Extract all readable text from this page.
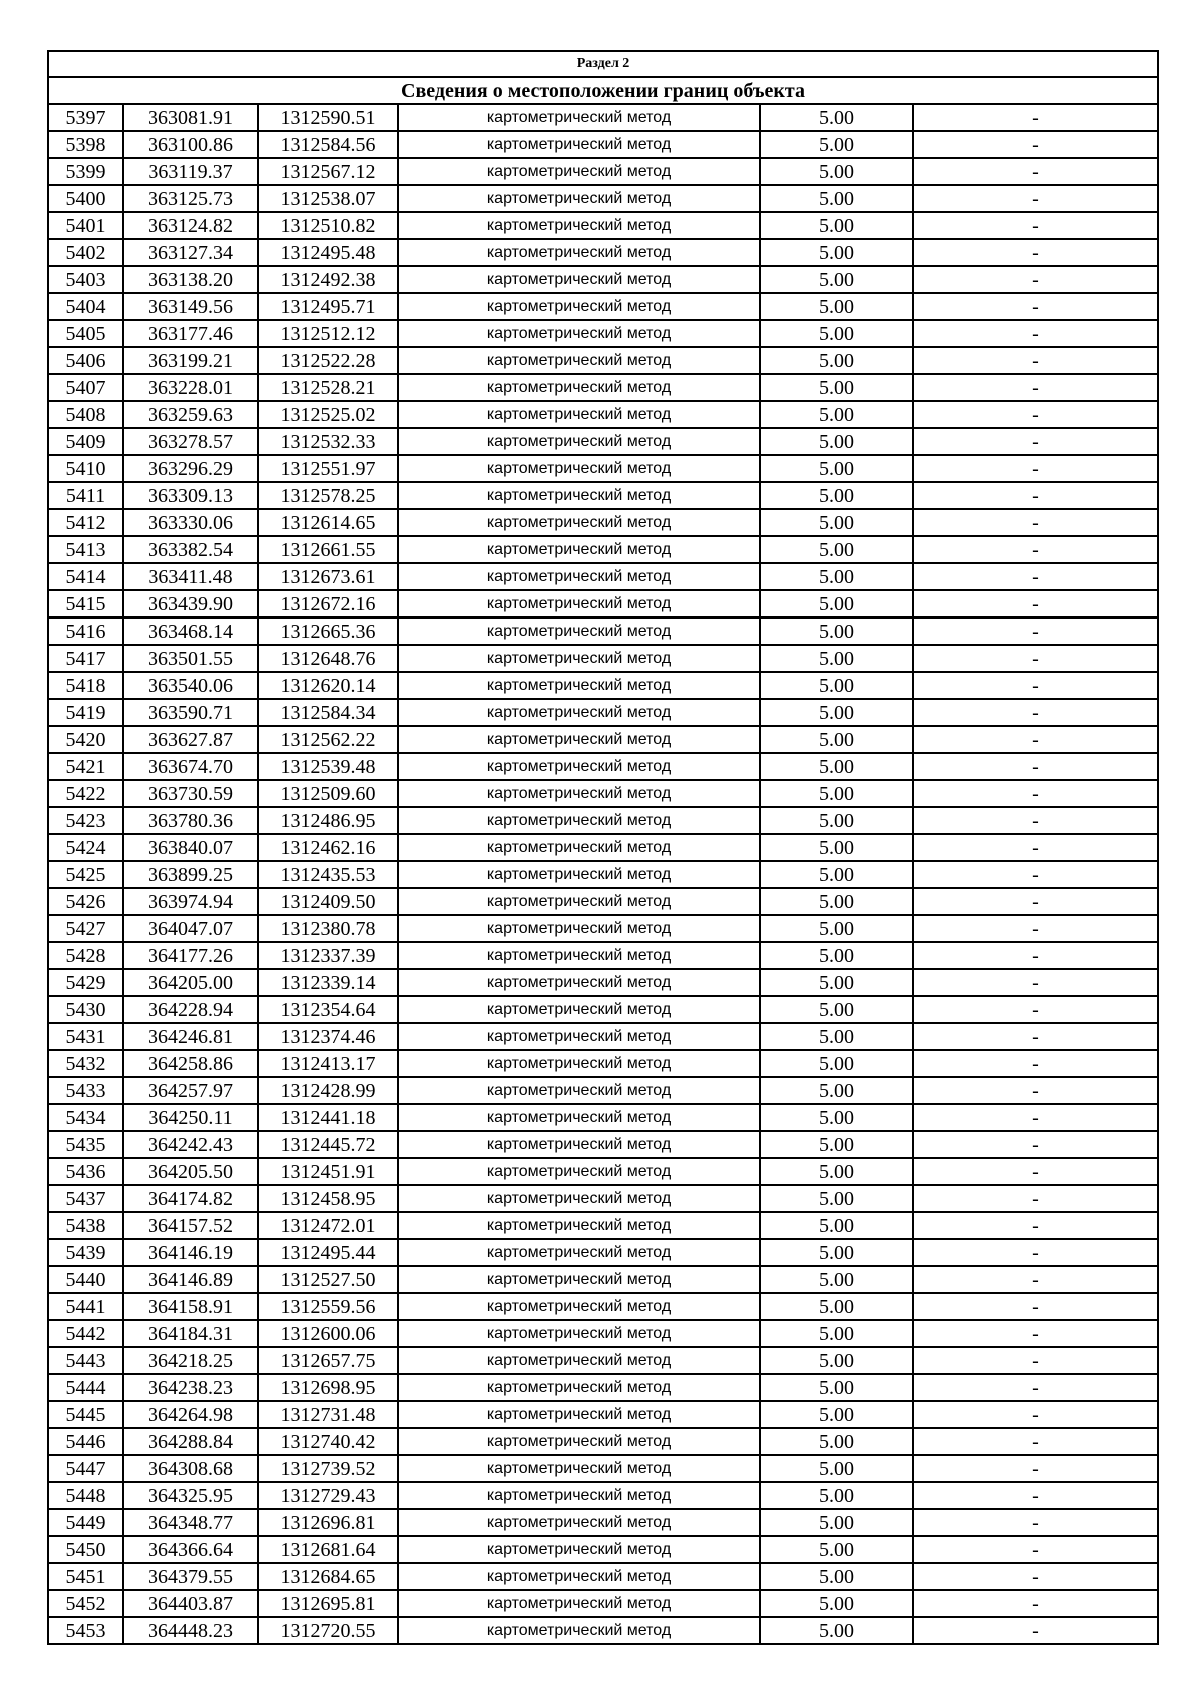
Раздел 2					
Сведения о местоположении границ объекта					
5397	363081.91	1312590.51	картометрический метод	5.00	-
5398	363100.86	1312584.56	картометрический метод	5.00	-
5399	363119.37	1312567.12	картометрический метод	5.00	-
5400	363125.73	1312538.07	картометрический метод	5.00	-
5401	363124.82	1312510.82	картометрический метод	5.00	-
5402	363127.34	1312495.48	картометрический метод	5.00	-
5403	363138.20	1312492.38	картометрический метод	5.00	-
5404	363149.56	1312495.71	картометрический метод	5.00	-
5405	363177.46	1312512.12	картометрический метод	5.00	-
5406	363199.21	1312522.28	картометрический метод	5.00	-
5407	363228.01	1312528.21	картометрический метод	5.00	-
5408	363259.63	1312525.02	картометрический метод	5.00	-
5409	363278.57	1312532.33	картометрический метод	5.00	-
5410	363296.29	1312551.97	картометрический метод	5.00	-
5411	363309.13	1312578.25	картометрический метод	5.00	-
5412	363330.06	1312614.65	картометрический метод	5.00	-
5413	363382.54	1312661.55	картометрический метод	5.00	-
5414	363411.48	1312673.61	картометрический метод	5.00	-
5415	363439.90	1312672.16	картометрический метод	5.00	-
5416	363468.14	1312665.36	картометрический метод	5.00	-
5417	363501.55	1312648.76	картометрический метод	5.00	-
5418	363540.06	1312620.14	картометрический метод	5.00	-
5419	363590.71	1312584.34	картометрический метод	5.00	-
5420	363627.87	1312562.22	картометрический метод	5.00	-
5421	363674.70	1312539.48	картометрический метод	5.00	-
5422	363730.59	1312509.60	картометрический метод	5.00	-
5423	363780.36	1312486.95	картометрический метод	5.00	-
5424	363840.07	1312462.16	картометрический метод	5.00	-
5425	363899.25	1312435.53	картометрический метод	5.00	-
5426	363974.94	1312409.50	картометрический метод	5.00	-
5427	364047.07	1312380.78	картометрический метод	5.00	-
5428	364177.26	1312337.39	картометрический метод	5.00	-
5429	364205.00	1312339.14	картометрический метод	5.00	-
5430	364228.94	1312354.64	картометрический метод	5.00	-
5431	364246.81	1312374.46	картометрический метод	5.00	-
5432	364258.86	1312413.17	картометрический метод	5.00	-
5433	364257.97	1312428.99	картометрический метод	5.00	-
5434	364250.11	1312441.18	картометрический метод	5.00	-
5435	364242.43	1312445.72	картометрический метод	5.00	-
5436	364205.50	1312451.91	картометрический метод	5.00	-
5437	364174.82	1312458.95	картометрический метод	5.00	-
5438	364157.52	1312472.01	картометрический метод	5.00	-
5439	364146.19	1312495.44	картометрический метод	5.00	-
5440	364146.89	1312527.50	картометрический метод	5.00	-
5441	364158.91	1312559.56	картометрический метод	5.00	-
5442	364184.31	1312600.06	картометрический метод	5.00	-
5443	364218.25	1312657.75	картометрический метод	5.00	-
5444	364238.23	1312698.95	картометрический метод	5.00	-
5445	364264.98	1312731.48	картометрический метод	5.00	-
5446	364288.84	1312740.42	картометрический метод	5.00	-
5447	364308.68	1312739.52	картометрический метод	5.00	-
5448	364325.95	1312729.43	картометрический метод	5.00	-
5449	364348.77	1312696.81	картометрический метод	5.00	-
5450	364366.64	1312681.64	картометрический метод	5.00	-
5451	364379.55	1312684.65	картометрический метод	5.00	-
5452	364403.87	1312695.81	картометрический метод	5.00	-
5453	364448.23	1312720.55	картометрический метод	5.00	-
